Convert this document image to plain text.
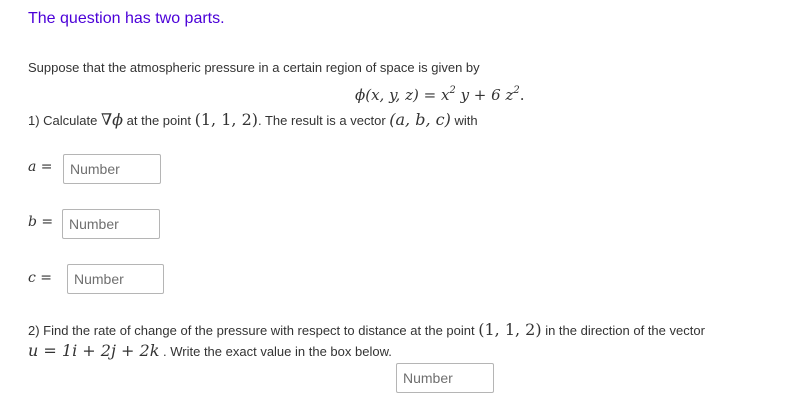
The question has two parts.
Suppose that the atmospheric pressure in a certain region of space is given by
ϕ(x, y, $z) = x^2$ y + 6 $z^2$.
1) Calculate ∇ϕ at the point (1, 1, 2). The result is a vector (a, b, c) with
a =
Number
b =
Number
c =
Number
2) Find the rate of change of the pressure with respect to distance at the point (1, 1, 2) in the direction of the vector
u = 1i + 2j + 2k . Write the exact value in the box below.
Number
